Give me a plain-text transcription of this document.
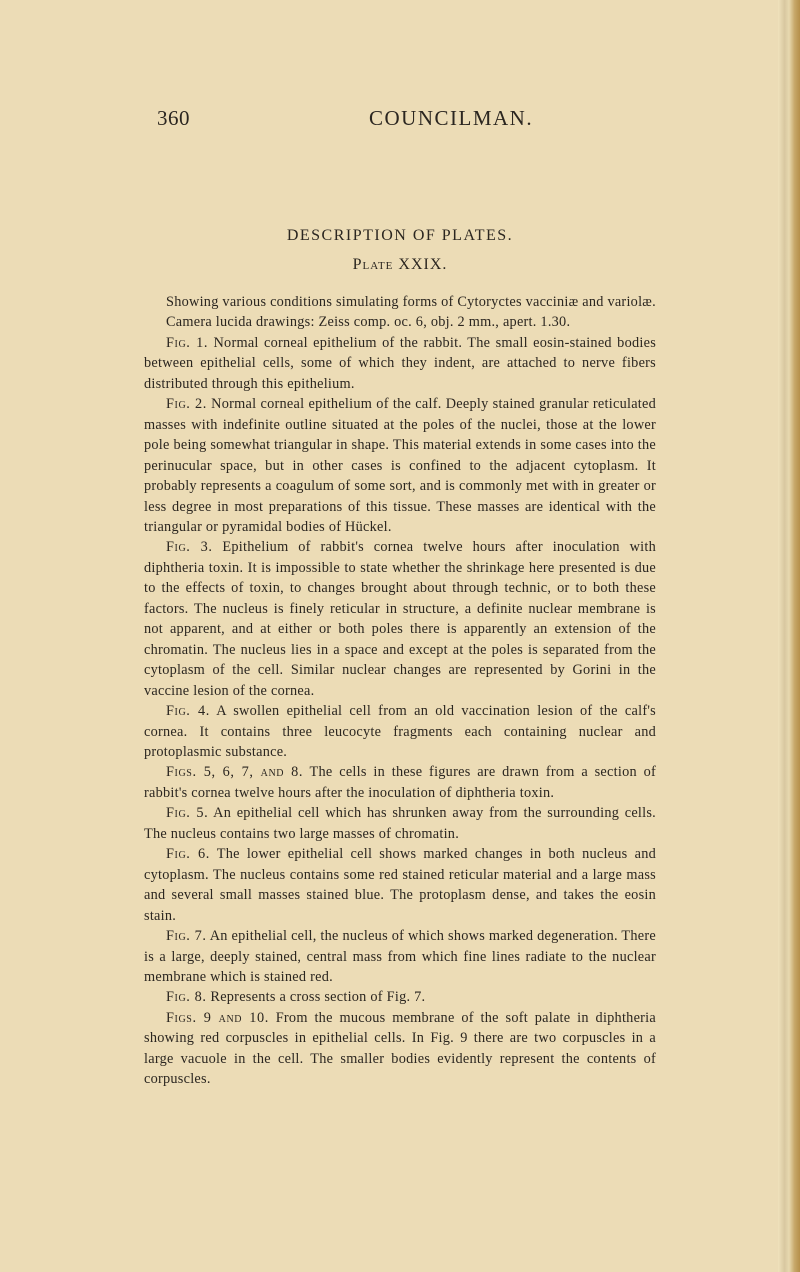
360	COUNCILMAN.
DESCRIPTION OF PLATES.
Plate XXIX.

Showing various conditions simulating forms of Cytoryctes vacciniæ and variolæ.

Camera lucida drawings: Zeiss comp. oc. 6, obj. 2 mm., apert. 1.30.

Fig. 1. Normal corneal epithelium of the rabbit. The small eosin-stained bodies between epithelial cells, some of which they indent, are attached to nerve fibers distributed through this epithelium.

Fig. 2. Normal corneal epithelium of the calf. Deeply stained granular reticulated masses with indefinite outline situated at the poles of the nuclei, those at the lower pole being somewhat triangular in shape. This material extends in some cases into the perinucular space, but in other cases is confined to the adjacent cytoplasm. It probably represents a coagulum of some sort, and is commonly met with in greater or less degree in most preparations of this tissue. These masses are identical with the triangular or pyramidal bodies of Hückel.

Fig. 3. Epithelium of rabbit's cornea twelve hours after inoculation with diphtheria toxin. It is impossible to state whether the shrinkage here presented is due to the effects of toxin, to changes brought about through technic, or to both these factors. The nucleus is finely reticular in structure, a definite nuclear membrane is not apparent, and at either or both poles there is apparently an extension of the chromatin. The nucleus lies in a space and except at the poles is separated from the cytoplasm of the cell. Similar nuclear changes are represented by Gorini in the vaccine lesion of the cornea.

Fig. 4. A swollen epithelial cell from an old vaccination lesion of the calf's cornea. It contains three leucocyte fragments each containing nuclear and protoplasmic substance.

Figs. 5, 6, 7, and 8. The cells in these figures are drawn from a section of rabbit's cornea twelve hours after the inoculation of diphtheria toxin.

Fig. 5. An epithelial cell which has shrunken away from the surrounding cells. The nucleus contains two large masses of chromatin.

Fig. 6. The lower epithelial cell shows marked changes in both nucleus and cytoplasm. The nucleus contains some red stained reticular material and a large mass and several small masses stained blue. The protoplasm dense, and takes the eosin stain.

Fig. 7. An epithelial cell, the nucleus of which shows marked degeneration. There is a large, deeply stained, central mass from which fine lines radiate to the nuclear membrane which is stained red.

Fig. 8. Represents a cross section of Fig. 7.

Figs. 9 and 10. From the mucous membrane of the soft palate in diphtheria showing red corpuscles in epithelial cells. In Fig. 9 there are two corpuscles in a large vacuole in the cell. The smaller bodies evidently represent the contents of corpuscles.
